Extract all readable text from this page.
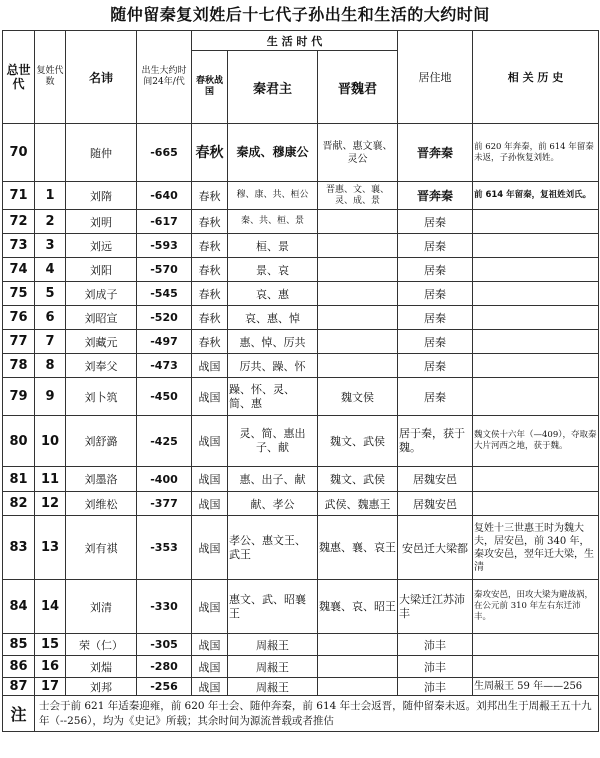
随仲留秦复刘姓后十七代子孙出生和生活的大约时间
总世代	复姓代数	名讳	出生大约时间24年/代	生 活 时 代			居住地	相 关 历 史
				春秋战国	秦君主	晋魏君		
70		随仲	-665	春秋	秦成、穆康公	晋献、惠文襄、灵公	晋奔秦	前 620 年奔秦，前 614 年留秦未返，子孙恢复刘姓。
71	1	刘隋	-640	春秋	穆、康、共、桓公	晋惠、文、襄、灵、成、景	晋奔秦	前 614 年留秦，复祖姓刘氏。
72	2	刘明	-617	春秋	秦、共、桓、景		居秦	
73	3	刘远	-593	春秋	桓、景		居秦	
74	4	刘阳	-570	春秋	景、哀		居秦	
75	5	刘成子	-545	春秋	哀、惠		居秦	
76	6	刘昭宣	-520	春秋	哀、惠、悼		居秦	
77	7	刘藏元	-497	春秋	惠、悼、厉共		居秦	
78	8	刘奉父	-473	战国	厉共、躁、怀		居秦	
79	9	刘卜筑	-450	战国	躁、怀、灵、简、惠	魏文侯	居秦	
80	10	刘舒潞	-425	战国	灵、简、惠出子、献	魏文、武侯	居于秦，获于魏。	魏文侯十六年（—409），夺取秦大片河西之地，获于魏。
81	11	刘墨洛	-400	战国	惠、出子、献	魏文、武侯	居魏安邑	
82	12	刘维松	-377	战国	献、孝公	武侯、魏惠王	居魏安邑	
83	13	刘有祺	-353	战国	孝公、惠文王、武王	魏惠、襄、哀王	安邑迁大梁都	复姓十三世惠王时为魏大夫，居安邑，前 340 年，秦攻安邑，翌年迁大梁，生清
84	14	刘清	-330	战国	惠文、武、昭襄王	魏襄、哀、昭王	大梁迁江苏沛丰	秦攻安邑，田攻大梁为避战祸，在公元前 310 年左右东迁沛丰。
85	15	荣（仁）	-305	战国	周赧王		沛丰	
86	16	刘煓	-280	战国	周赧王		沛丰	
87	17	刘邦	-256	战国	周赧王		沛丰	生周赧王 59 年——256
注	士会于前 621 年适秦迎雍，前 620 年士会、随仲奔秦，前 614 年士会返晋，随仲留秦未返。刘邦出生于周赧王五十九年（--256），均为《史记》所载；其余时间为源流普载或者推估							
